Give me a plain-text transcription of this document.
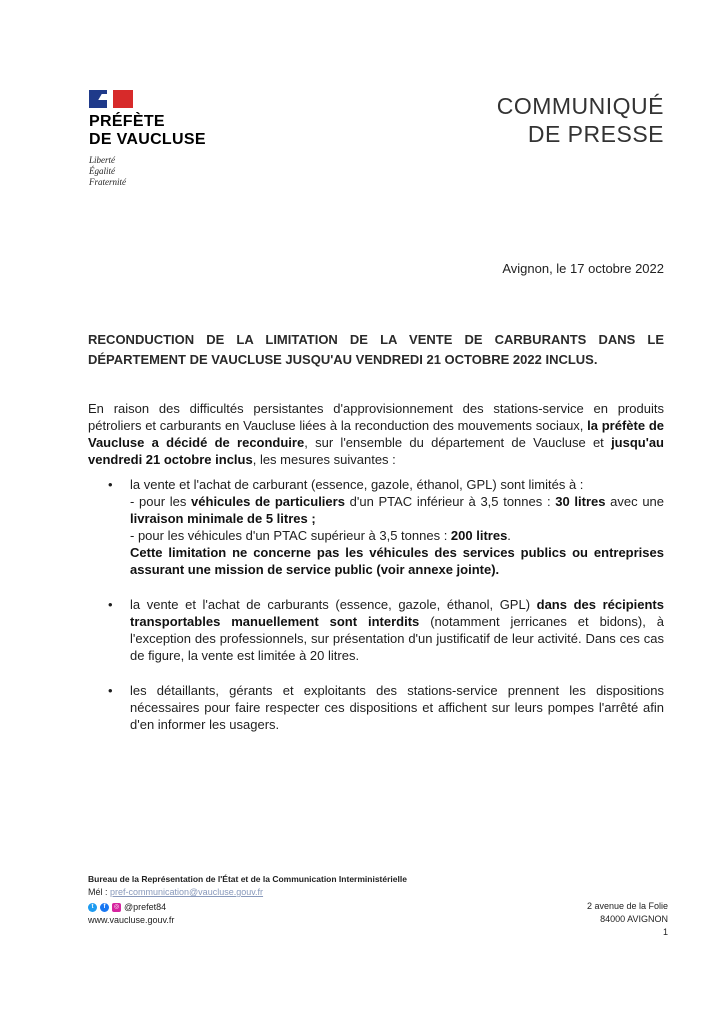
PRÉFÈTE
DE VAUCLUSE
Liberté
Égalité
Fraternité
COMMUNIQUÉ
DE PRESSE
Avignon, le 17 octobre 2022
RECONDUCTION DE LA LIMITATION DE LA VENTE DE CARBURANTS DANS LE DÉPARTEMENT DE VAUCLUSE JUSQU'AU VENDREDI 21 OCTOBRE 2022 INCLUS.
En raison des difficultés persistantes d'approvisionnement des stations-service en produits pétroliers et carburants en Vaucluse liées à la reconduction des mouvements sociaux, la préfète de Vaucluse a décidé de reconduire, sur l'ensemble du département de Vaucluse et jusqu'au vendredi 21 octobre inclus, les mesures suivantes :
• la vente et l'achat de carburant (essence, gazole, éthanol, GPL) sont limités à :
- pour les véhicules de particuliers d'un PTAC inférieur à 3,5 tonnes : 30 litres avec une livraison minimale de 5 litres ;
- pour les véhicules d'un PTAC supérieur à 3,5 tonnes : 200 litres.
Cette limitation ne concerne pas les véhicules des services publics ou entreprises assurant une mission de service public (voir annexe jointe).
• la vente et l'achat de carburants (essence, gazole, éthanol, GPL) dans des récipients transportables manuellement sont interdits (notamment jerricanes et bidons), à l'exception des professionnels, sur présentation d'un justificatif de leur activité. Dans ces cas de figure, la vente est limitée à 20 litres.
• les détaillants, gérants et exploitants des stations-service prennent les dispositions nécessaires pour faire respecter ces dispositions et affichent sur leurs pompes l'arrêté afin d'en informer les usagers.
Bureau de la Représentation de l'État et de la Communication Interministérielle
Mél : pref-communication@vaucluse.gouv.fr
t	f	◎ @prefet84
www.vaucluse.gouv.fr
2 avenue de la Folie
84000 AVIGNON
1
